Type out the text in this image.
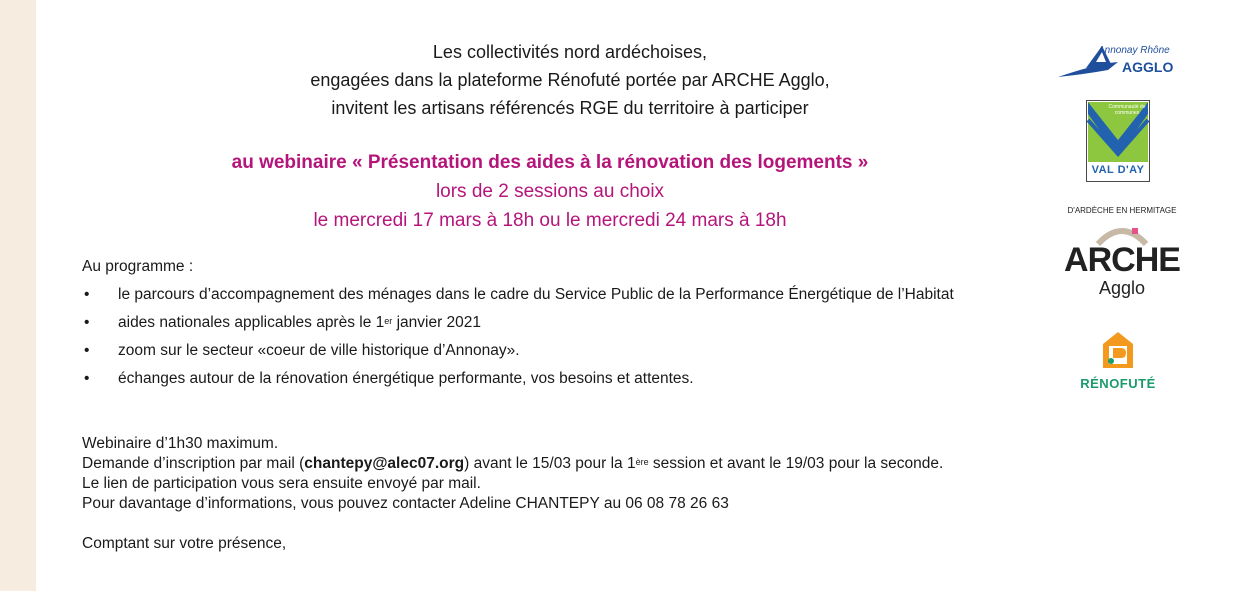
Les collectivités nord ardéchoises,
engagées dans la plateforme Rénofuté portée par ARCHE Agglo,
invitent les artisans référencés RGE du territoire à participer
au webinaire « Présentation des aides à la rénovation des logements »
lors de 2 sessions au choix
le mercredi 17 mars à 18h ou le mercredi 24 mars à 18h
Au programme :
• le parcours d’accompagnement des ménages dans le cadre du Service Public de la Performance Énergétique de l’Habitat
• aides nationales applicables après le 1er janvier 2021
• zoom sur le secteur «coeur de ville historique d’Annonay».
• échanges autour de la rénovation énergétique performante, vos besoins et attentes.
Webinaire d’1h30 maximum.
Demande d’inscription par mail (chantepy@alec07.org) avant le 15/03 pour la 1ère session et avant le 19/03 pour la seconde.
Le lien de participation vous sera ensuite envoyé par mail.
Pour davantage d’informations, vous pouvez contacter Adeline CHANTEPY au 06 08 78 26 63
Comptant sur votre présence,
Annonay Rhône
AGGLO
Communauté de communes
VAL D'AY
D'ARDÈCHE EN HERMITAGE
ARCHE
Agglo
RÉNOFUTÉ
